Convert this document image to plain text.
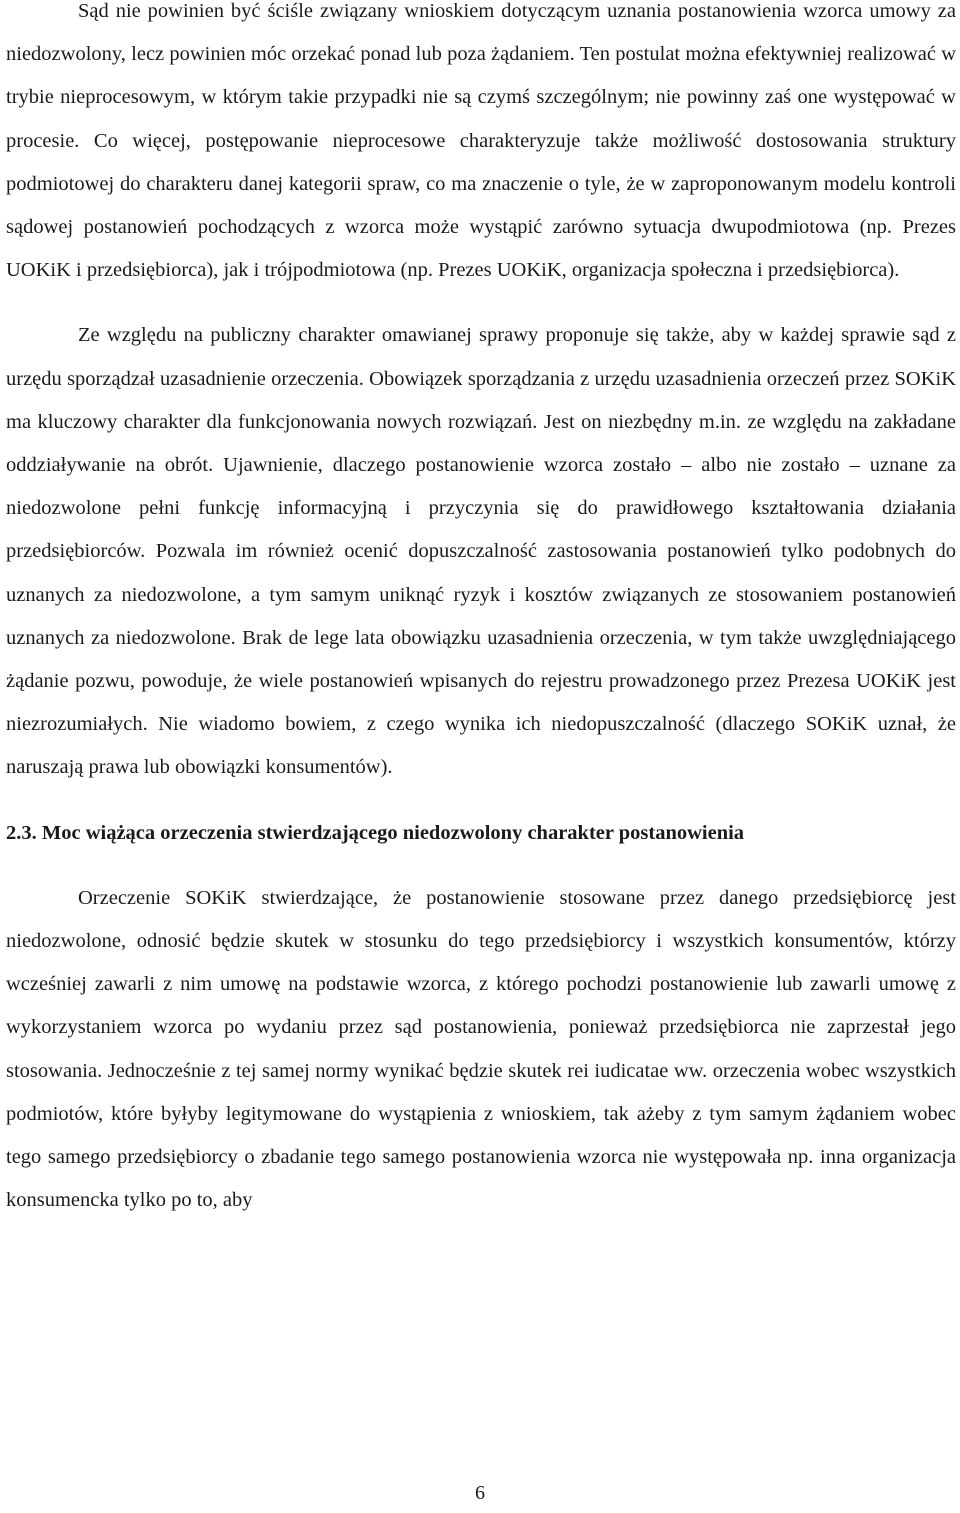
Sąd nie powinien być ściśle związany wnioskiem dotyczącym uznania postanowienia wzorca umowy za niedozwolony, lecz powinien móc orzekać ponad lub poza żądaniem. Ten postulat można efektywniej realizować w trybie nieprocesowym, w którym takie przypadki nie są czymś szczególnym; nie powinny zaś one występować w procesie. Co więcej, postępowanie nieprocesowe charakteryzuje także możliwość dostosowania struktury podmiotowej do charakteru danej kategorii spraw, co ma znaczenie o tyle, że w zaproponowanym modelu kontroli sądowej postanowień pochodzących z wzorca może wystąpić zarówno sytuacja dwupodmiotowa (np. Prezes UOKiK i przedsiębiorca), jak i trójpodmiotowa (np. Prezes UOKiK, organizacja społeczna i przedsiębiorca).

Ze względu na publiczny charakter omawianej sprawy proponuje się także, aby w każdej sprawie sąd z urzędu sporządzał uzasadnienie orzeczenia. Obowiązek sporządzania z urzędu uzasadnienia orzeczeń przez SOKiK ma kluczowy charakter dla funkcjonowania nowych rozwiązań. Jest on niezbędny m.in. ze względu na zakładane oddziaływanie na obrót. Ujawnienie, dlaczego postanowienie wzorca zostało – albo nie zostało – uznane za niedozwolone pełni funkcję informacyjną i przyczynia się do prawidłowego kształtowania działania przedsiębiorców. Pozwala im również ocenić dopuszczalność zastosowania postanowień tylko podobnych do uznanych za niedozwolone, a tym samym uniknąć ryzyk i kosztów związanych ze stosowaniem postanowień uznanych za niedozwolone. Brak de lege lata obowiązku uzasadnienia orzeczenia, w tym także uwzględniającego żądanie pozwu, powoduje, że wiele postanowień wpisanych do rejestru prowadzonego przez Prezesa UOKiK jest niezrozumiałych. Nie wiadomo bowiem, z czego wynika ich niedopuszczalność (dlaczego SOKiK uznał, że naruszają prawa lub obowiązki konsumentów).

2.3. Moc wiążąca orzeczenia stwierdzającego niedozwolony charakter postanowienia

Orzeczenie SOKiK stwierdzające, że postanowienie stosowane przez danego przedsiębiorcę jest niedozwolone, odnosić będzie skutek w stosunku do tego przedsiębiorcy i wszystkich konsumentów, którzy wcześniej zawarli z nim umowę na podstawie wzorca, z którego pochodzi postanowienie lub zawarli umowę z wykorzystaniem wzorca po wydaniu przez sąd postanowienia, ponieważ przedsiębiorca nie zaprzestał jego stosowania. Jednocześnie z tej samej normy wynikać będzie skutek rei iudicatae ww. orzeczenia wobec wszystkich podmiotów, które byłyby legitymowane do wystąpienia z wnioskiem, tak ażeby z tym samym żądaniem wobec tego samego przedsiębiorcy o zbadanie tego samego postanowienia wzorca nie występowała np. inna organizacja konsumencka tylko po to, aby

6
